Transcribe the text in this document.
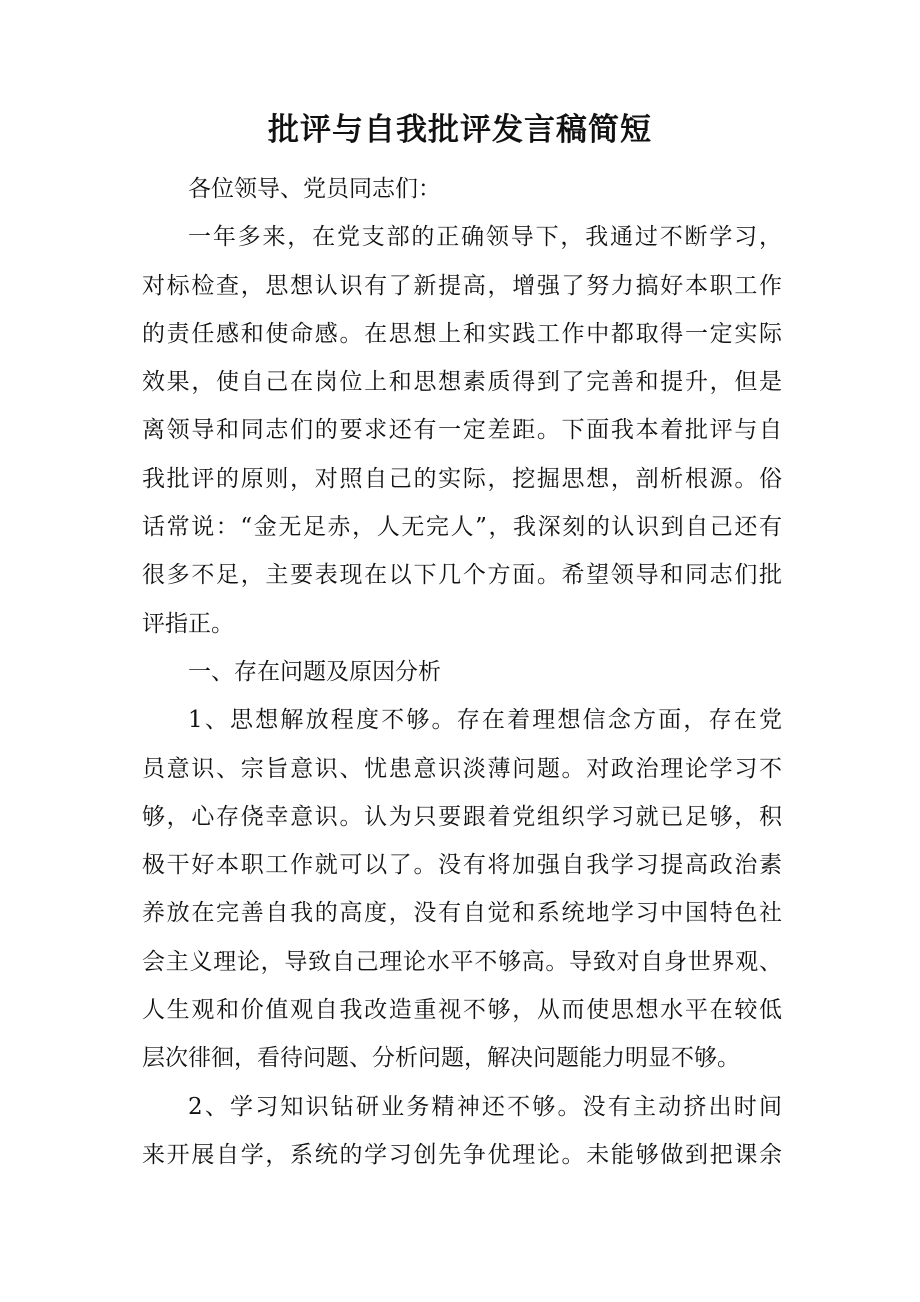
批评与自我批评发言稿简短
各位领导、党员同志们：
一年多来，在党支部的正确领导下，我通过不断学习，
对标检查，思想认识有了新提高，增强了努力搞好本职工作
的责任感和使命感。在思想上和实践工作中都取得一定实际
效果，使自己在岗位上和思想素质得到了完善和提升，但是
离领导和同志们的要求还有一定差距。下面我本着批评与自
我批评的原则，对照自己的实际，挖掘思想，剖析根源。俗
话常说：“金无足赤，人无完人”，我深刻的认识到自己还有
很多不足，主要表现在以下几个方面。希望领导和同志们批
评指正。
一、存在问题及原因分析
1、思想解放程度不够。存在着理想信念方面，存在党
员意识、宗旨意识、忧患意识淡薄问题。对政治理论学习不
够，心存侥幸意识。认为只要跟着党组织学习就已足够，积
极干好本职工作就可以了。没有将加强自我学习提高政治素
养放在完善自我的高度，没有自觉和系统地学习中国特色社
会主义理论，导致自己理论水平不够高。导致对自身世界观、
人生观和价值观自我改造重视不够，从而使思想水平在较低
层次徘徊，看待问题、分析问题，解决问题能力明显不够。
2、学习知识钻研业务精神还不够。没有主动挤出时间
来开展自学，系统的学习创先争优理论。未能够做到把课余
